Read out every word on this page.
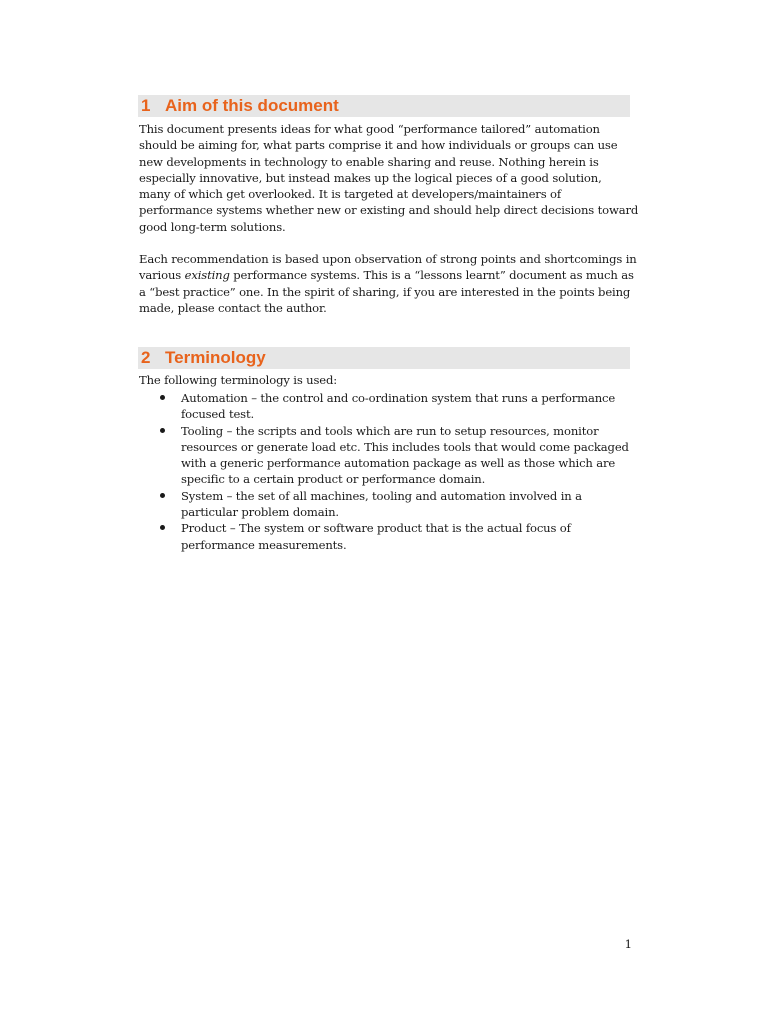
1 Aim of this document
This document presents ideas for what good “performance tailored” automation
should be aiming for, what parts comprise it and how individuals or groups can use
new developments in technology to enable sharing and reuse. Nothing herein is
especially innovative, but instead makes up the logical pieces of a good solution,
many of which get overlooked. It is targeted at developers/maintainers of
performance systems whether new or existing and should help direct decisions toward
good long-term solutions.
Each recommendation is based upon observation of strong points and shortcomings in
various existing performance systems. This is a “lessons learnt” document as much as
a “best practice” one. In the spirit of sharing, if you are interested in the points being
made, please contact the author.
2 Terminology
The following terminology is used:
Automation – the control and co-ordination system that runs a performance
focused test.
Tooling – the scripts and tools which are run to setup resources, monitor
resources or generate load etc. This includes tools that would come packaged
with a generic performance automation package as well as those which are
specific to a certain product or performance domain.
System – the set of all machines, tooling and automation involved in a
particular problem domain.
Product – The system or software product that is the actual focus of
performance measurements.
1
